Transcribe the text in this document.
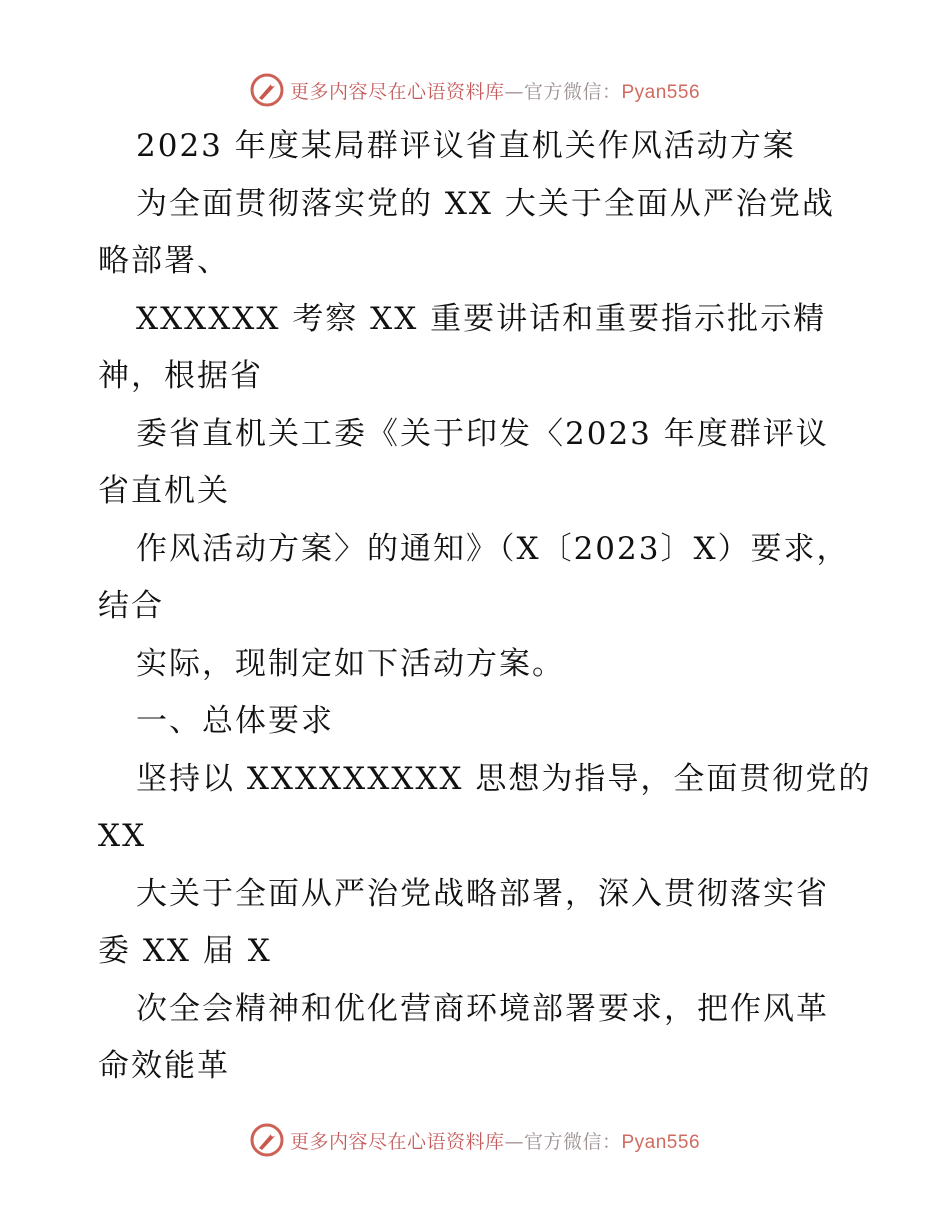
更多内容尽在心语资料库—官方微信：Pyan556
2023 年度某局群评议省直机关作风活动方案
为全面贯彻落实党的 XX 大关于全面从严治党战
略部署、
XXXXXX 考察 XX 重要讲话和重要指示批示精
神，根据省
委省直机关工委《关于印发〈2023 年度群评议
省直机关
作风活动方案〉的通知》（X〔2023〕X）要求，
结合
实际，现制定如下活动方案。
一、总体要求
坚持以 XXXXXXXXX 思想为指导，全面贯彻党的
XX
大关于全面从严治党战略部署，深入贯彻落实省
委 XX 届 X
次全会精神和优化营商环境部署要求，把作风革
命效能革
更多内容尽在心语资料库—官方微信：Pyan556
